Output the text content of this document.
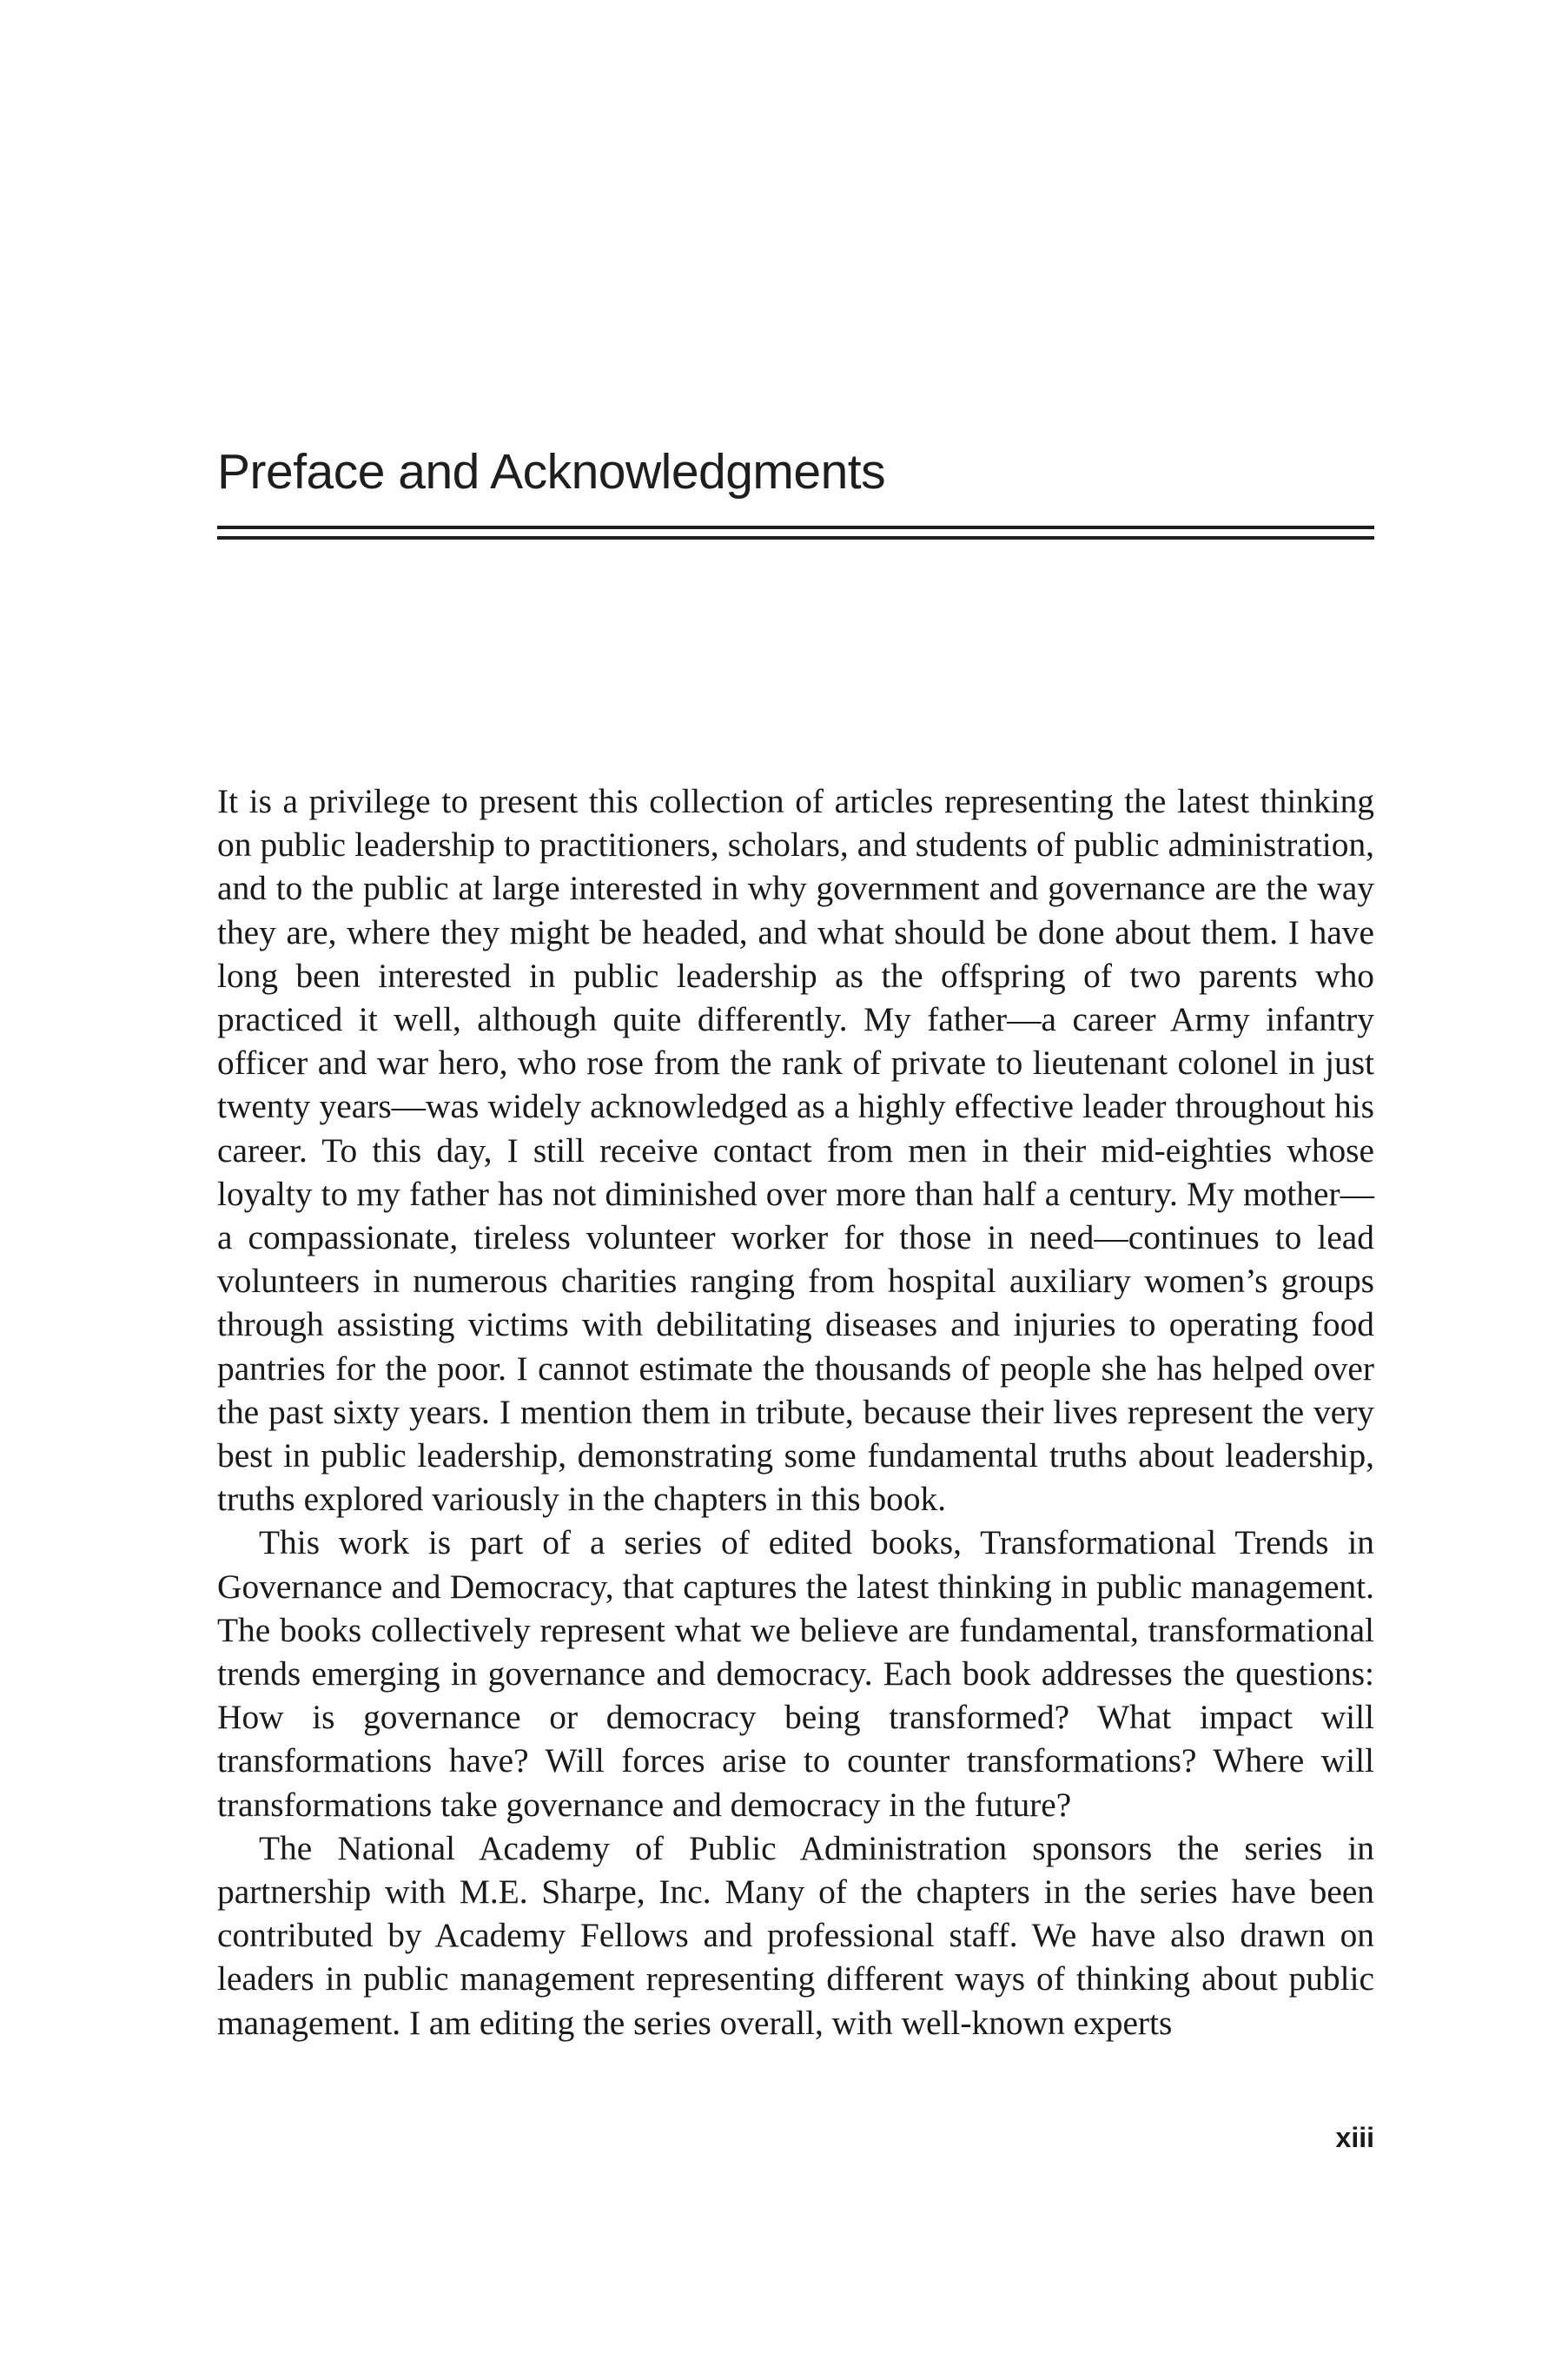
Preface and Acknowledgments

It is a privilege to present this collection of articles representing the latest thinking on public leadership to practitioners, scholars, and students of public administration, and to the public at large interested in why government and governance are the way they are, where they might be headed, and what should be done about them. I have long been interested in public leadership as the offspring of two parents who practiced it well, although quite differently. My father—a career Army infantry officer and war hero, who rose from the rank of private to lieutenant colonel in just twenty years—was widely acknowledged as a highly effective leader throughout his career. To this day, I still receive contact from men in their mid-eighties whose loyalty to my father has not diminished over more than half a century. My mother—a compassionate, tireless volunteer worker for those in need—continues to lead volunteers in numerous charities ranging from hospital auxiliary women’s groups through assisting victims with debilitating diseases and injuries to operating food pantries for the poor. I cannot estimate the thousands of people she has helped over the past sixty years. I mention them in tribute, because their lives represent the very best in public leadership, demonstrating some fundamental truths about leadership, truths explored variously in the chapters in this book.

This work is part of a series of edited books, Transformational Trends in Governance and Democracy, that captures the latest thinking in public management. The books collectively represent what we believe are fundamental, transformational trends emerging in governance and democracy. Each book addresses the questions: How is governance or democracy being transformed? What impact will transformations have? Will forces arise to counter transformations? Where will transformations take governance and democracy in the future?

The National Academy of Public Administration sponsors the series in partnership with M.E. Sharpe, Inc. Many of the chapters in the series have been contributed by Academy Fellows and professional staff. We have also drawn on leaders in public management representing different ways of thinking about public management. I am editing the series overall, with well-known experts

xiii
